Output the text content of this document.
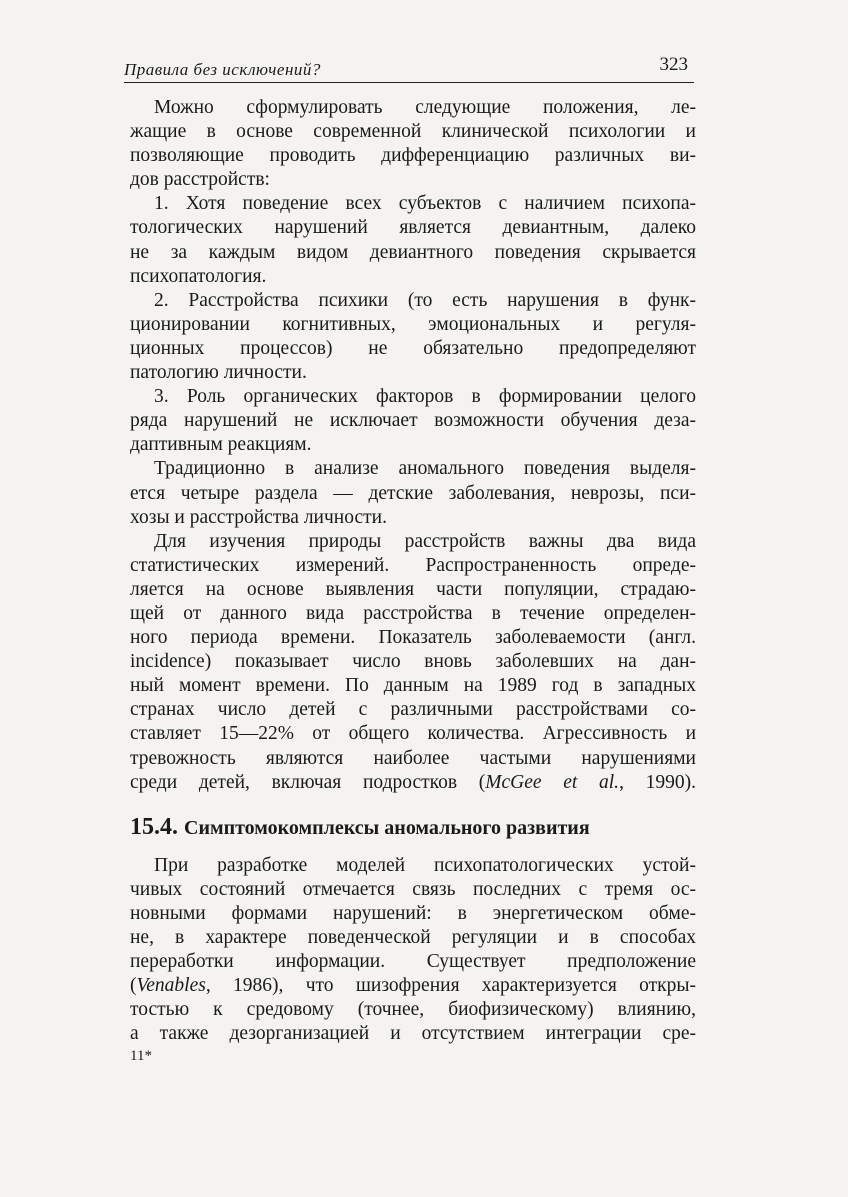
Правила без исключений?	323
Можно сформулировать следующие положения, ле-
жащие в основе современной клинической психологии и
позволяющие проводить дифференциацию различных ви-
дов расстройств:
1. Хотя поведение всех субъектов с наличием психопа-
тологических нарушений является девиантным, далеко
не за каждым видом девиантного поведения скрывается
психопатология.
2. Расстройства психики (то есть нарушения в функ-
ционировании когнитивных, эмоциональных и регуля-
ционных процессов) не обязательно предопределяют
патологию личности.
3. Роль органических факторов в формировании целого
ряда нарушений не исключает возможности обучения деза-
даптивным реакциям.
Традиционно в анализе аномального поведения выделя-
ется четыре раздела — детские заболевания, неврозы, пси-
хозы и расстройства личности.
Для изучения природы расстройств важны два вида
статистических измерений. Распространенность опреде-
ляется на основе выявления части популяции, страдаю-
щей от данного вида расстройства в течение определен-
ного периода времени. Показатель заболеваемости (англ.
incidence) показывает число вновь заболевших на дан-
ный момент времени. По данным на 1989 год в западных
странах число детей с различными расстройствами со-
ставляет 15—22% от общего количества. Агрессивность и
тревожность являются наиболее частыми нарушениями
среди детей, включая подростков (McGee et al., 1990).
15.4. Симптомокомплексы аномального развития
При разработке моделей психопатологических устой-
чивых состояний отмечается связь последних с тремя ос-
новными формами нарушений: в энергетическом обме-
не, в характере поведенческой регуляции и в способах
переработки информации. Существует предположение
(Venables, 1986), что шизофрения характеризуется откры-
тостью к средовому (точнее, биофизическому) влиянию,
а также дезорганизацией и отсутствием интеграции сре-
11*
